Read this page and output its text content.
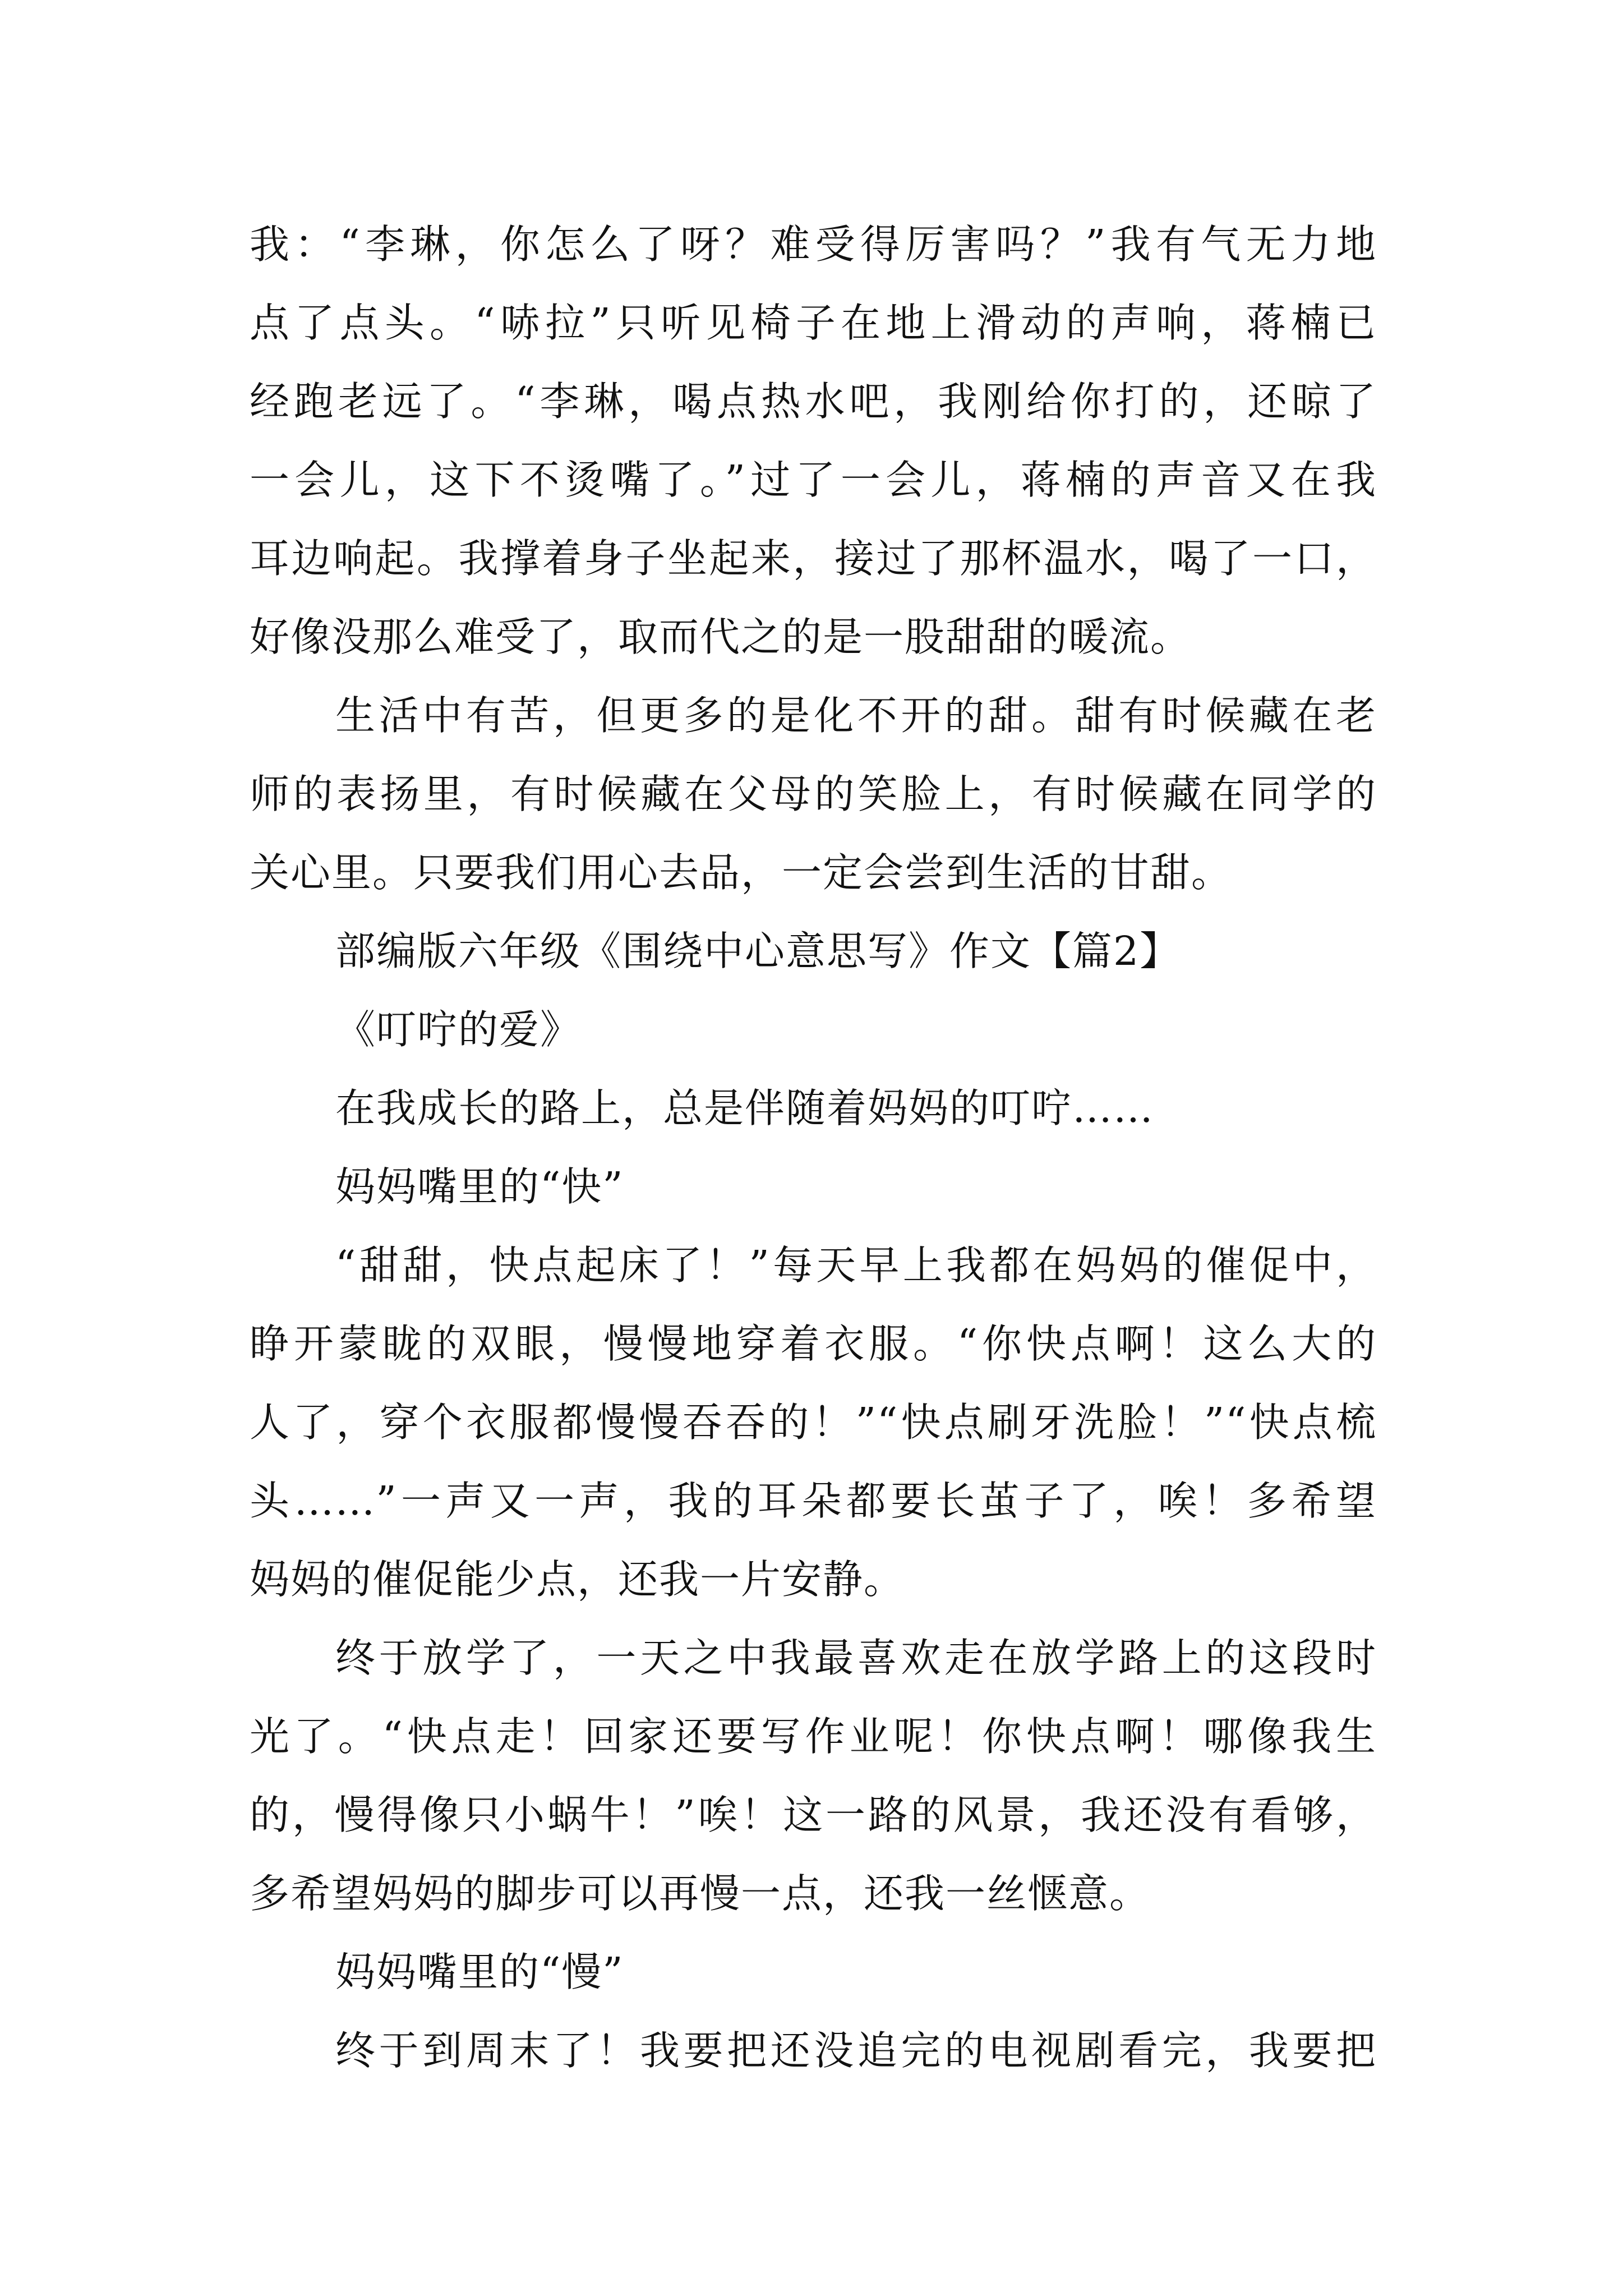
我：“李琳，你怎么了呀？难受得厉害吗？”我有气无力地
点了点头。“哧拉”只听见椅子在地上滑动的声响，蒋楠已
经跑老远了。“李琳，喝点热水吧，我刚给你打的，还晾了
一会儿，这下不烫嘴了。”过了一会儿，蒋楠的声音又在我
耳边响起。我撑着身子坐起来，接过了那杯温水，喝了一口，
好像没那么难受了，取而代之的是一股甜甜的暖流。
生活中有苦，但更多的是化不开的甜。甜有时候藏在老
师的表扬里，有时候藏在父母的笑脸上，有时候藏在同学的
关心里。只要我们用心去品，一定会尝到生活的甘甜。
部编版六年级《围绕中心意思写》作文【篇2】
《叮咛的爱》
在我成长的路上，总是伴随着妈妈的叮咛……
妈妈嘴里的“快”
“甜甜，快点起床了！”每天早上我都在妈妈的催促中，
睁开蒙眬的双眼，慢慢地穿着衣服。“你快点啊！这么大的
人了，穿个衣服都慢慢吞吞的！”“快点刷牙洗脸！”“快点梳
头……”一声又一声，我的耳朵都要长茧子了，唉！多希望
妈妈的催促能少点，还我一片安静。
终于放学了，一天之中我最喜欢走在放学路上的这段时
光了。“快点走！回家还要写作业呢！你快点啊！哪像我生
的，慢得像只小蜗牛！”唉！这一路的风景，我还没有看够，
多希望妈妈的脚步可以再慢一点，还我一丝惬意。
妈妈嘴里的“慢”
终于到周末了！我要把还没追完的电视剧看完，我要把
